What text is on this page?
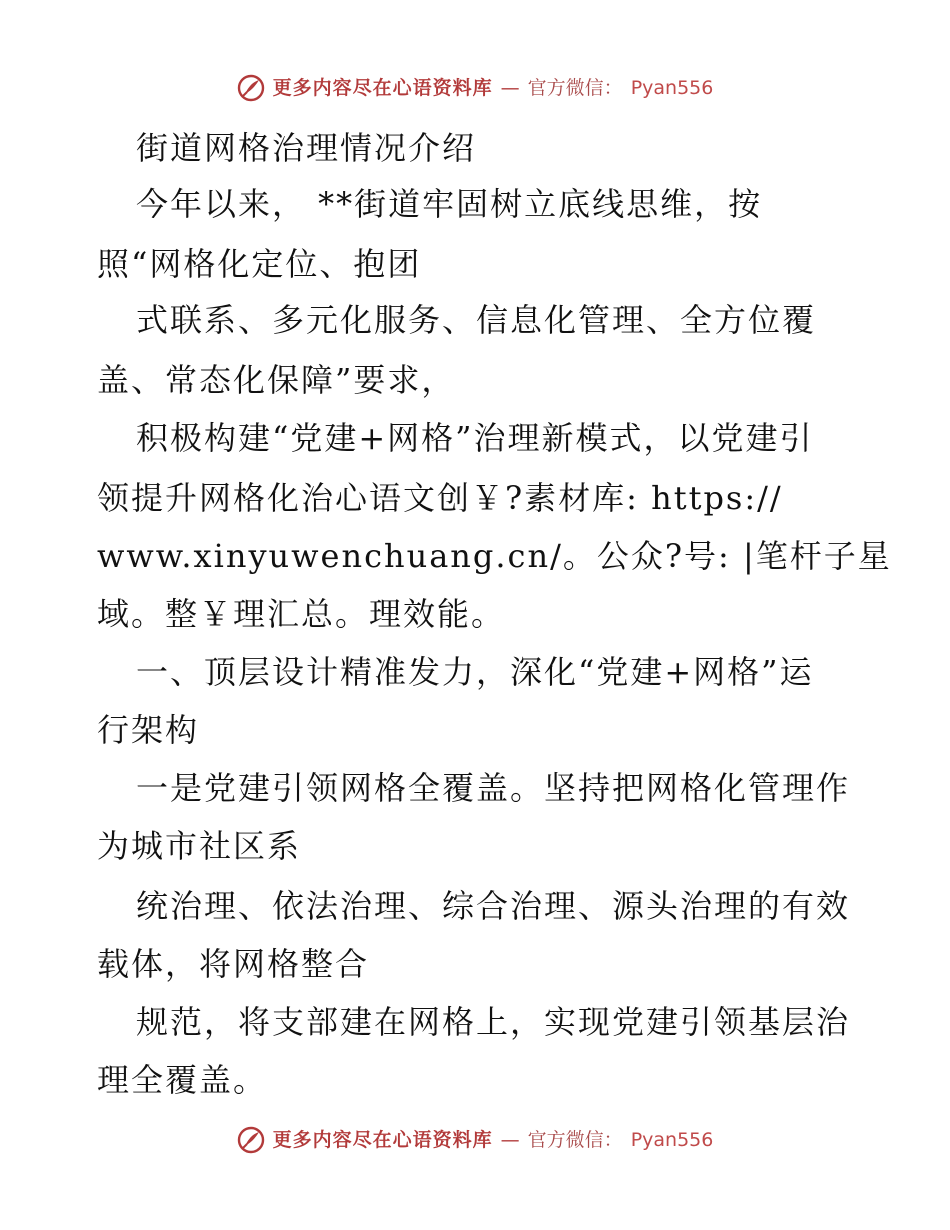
更多内容尽在心语资料库 — 官方微信： Pyan556
街道网格治理情况介绍
今年以来， **街道牢固树立底线思维，按
照“网格化定位、抱团
式联系、多元化服务、信息化管理、全方位覆
盖、常态化保障”要求，
积极构建“党建+网格”治理新模式，以党建引
领提升网格化治心语文创￥?素材库: https://
www.xinyuwenchuang.cn/。公众?号: |笔杆子星
域。整￥理汇总。理效能。
一、顶层设计精准发力，深化“党建+网格”运
行架构
一是党建引领网格全覆盖。坚持把网格化管理作
为城市社区系
统治理、依法治理、综合治理、源头治理的有效
载体，将网格整合
规范，将支部建在网格上，实现党建引领基层治
理全覆盖。
更多内容尽在心语资料库 — 官方微信： Pyan556
